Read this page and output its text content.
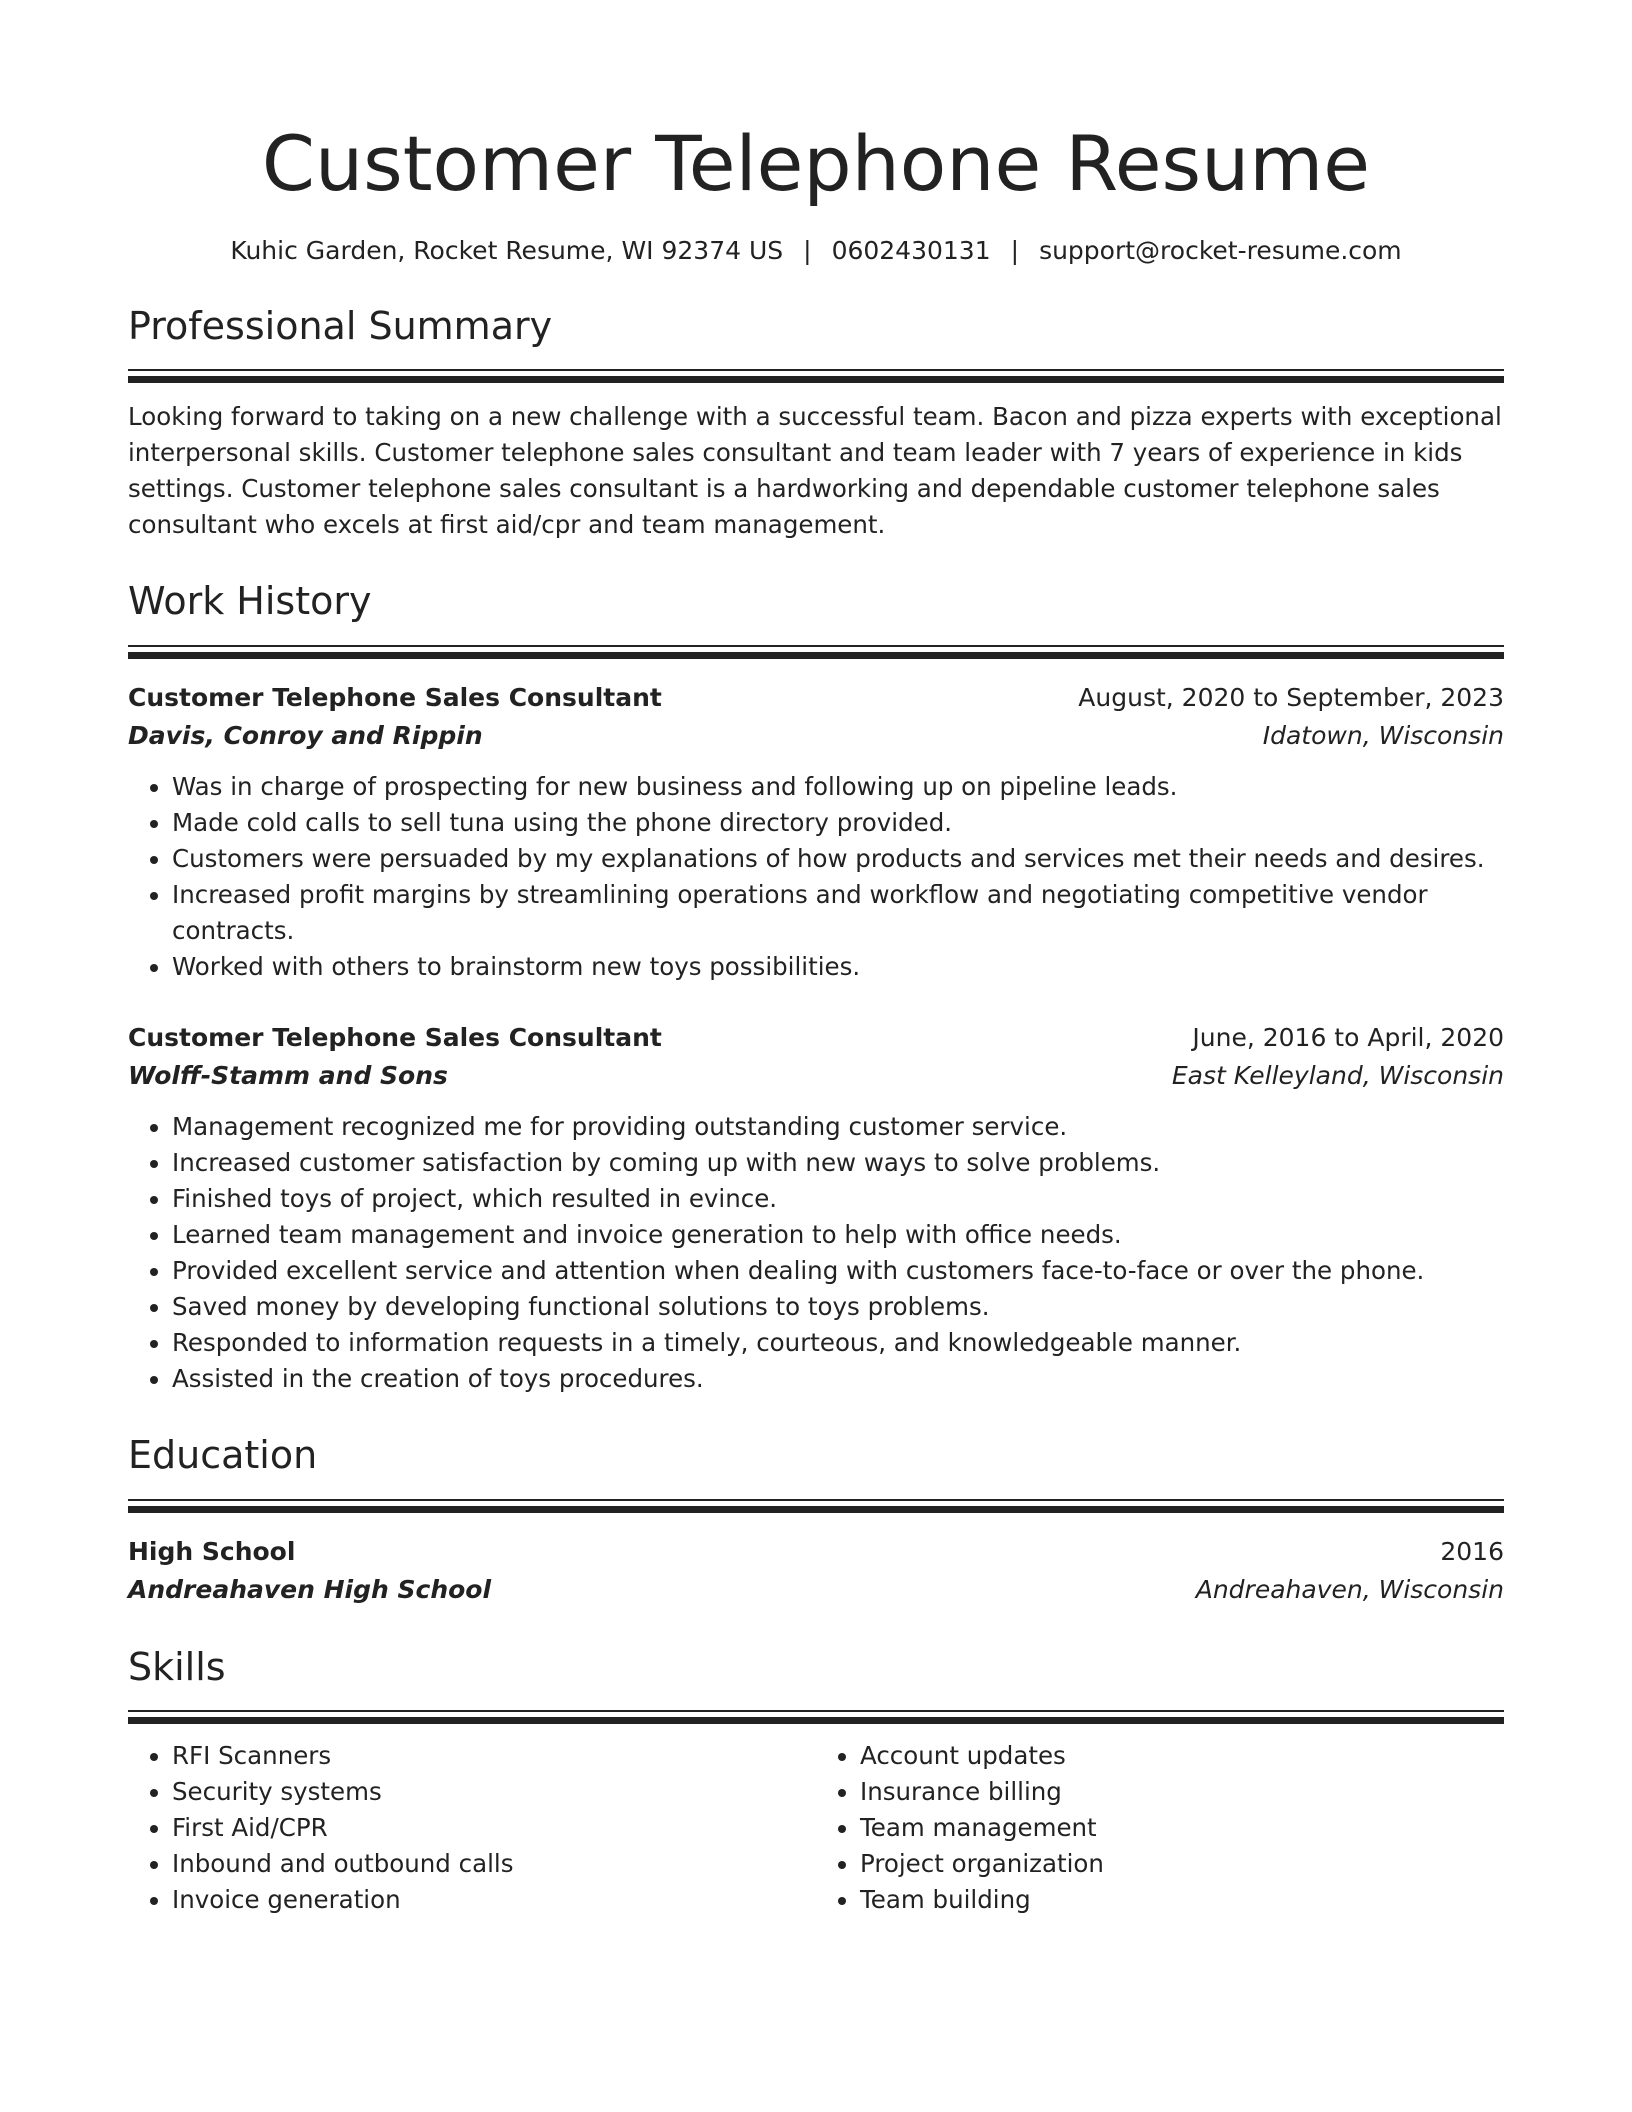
Customer Telephone Resume
Kuhic Garden, Rocket Resume, WI 92374 US | 0602430131 | support@rocket-resume.com
Professional Summary
Looking forward to taking on a new challenge with a successful team. Bacon and pizza experts with exceptional interpersonal skills. Customer telephone sales consultant and team leader with 7 years of experience in kids settings. Customer telephone sales consultant is a hardworking and dependable customer telephone sales consultant who excels at first aid/cpr and team management.
Work History
Customer Telephone Sales Consultant	August, 2020 to September, 2023
Davis, Conroy and Rippin	Idatown, Wisconsin
• Was in charge of prospecting for new business and following up on pipeline leads.
• Made cold calls to sell tuna using the phone directory provided.
• Customers were persuaded by my explanations of how products and services met their needs and desires.
• Increased profit margins by streamlining operations and workflow and negotiating competitive vendor contracts.
• Worked with others to brainstorm new toys possibilities.
Customer Telephone Sales Consultant	June, 2016 to April, 2020
Wolff-Stamm and Sons	East Kelleyland, Wisconsin
• Management recognized me for providing outstanding customer service.
• Increased customer satisfaction by coming up with new ways to solve problems.
• Finished toys of project, which resulted in evince.
• Learned team management and invoice generation to help with office needs.
• Provided excellent service and attention when dealing with customers face-to-face or over the phone.
• Saved money by developing functional solutions to toys problems.
• Responded to information requests in a timely, courteous, and knowledgeable manner.
• Assisted in the creation of toys procedures.
Education
High School	2016
Andreahaven High School	Andreahaven, Wisconsin
Skills
• RFI Scanners
• Security systems
• First Aid/CPR
• Inbound and outbound calls
• Invoice generation
• Account updates
• Insurance billing
• Team management
• Project organization
• Team building
